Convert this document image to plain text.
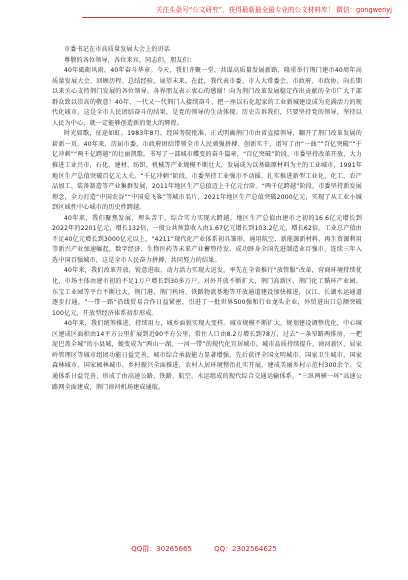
关注头条号“公文研究”，获得最新最全最专业的公文材料库！ 微信：gongwenyj

市委书记在市高质量发展大会上的讲话

尊敬的各位领导，各位来宾，同志们，朋友们：

40年砥砺风雨，40年奋斗华章。今天，我们齐聚一堂，共谋高质量发展新路，隆重举行荆门建市40周年高质量发展大会，回顾历程、总结经验、展望未来。在此，我代表市委、市人大常委会、市政府、市政协，向长期以来关心支持荆门发展的各位领导、各界朋友表示衷心的感谢！向为荆门改革发展稳定作出贡献的全市广大干部群众致以崇高的敬意！40年，一代又一代荆门人接续奋斗，把一座以石化起家的工业新城建设成为充满活力的现代化城市。这是全市人民团结奋斗的结果，是党的领导的生动体现。历史告诉我们，只要坚持党的领导，坚持以人民为中心，就一定能够创造新的更大的辉煌。

时光如歌，征途如虹。1983年8月，经国务院批准，正式明确荆门市由省直接领导，翻开了荆门改革发展的崭新一页。40年来，历届市委、市政府团结带领全市人民顽强拼搏、创新实干，谱写了由“一曲”“百亿突破”“千亿冲刺”“两千亿跨越”的壮丽凯歌。书写了一部城市蝶变的奋斗篇章。“百亿突破”阶段，市委坚持改革开放，大力推进工业兴市，石化、建材、纺织、机械等产业规模不断壮大，发展成为以基础原材料为主的工业城市，1991年地区生产总值突破百亿元大关。“千亿冲刺”阶段，市委坚持工业强市不动摇，扎实推进新型工业化，化工、农产品加工、装备制造等产业集群发展，2011年地区生产总值迈上千亿元台阶。“两千亿跨越”阶段，市委坚持新发展理念，全力打造“中国农谷”“中国爱飞客”等城市名片，2021年地区生产总值突破2000亿元，实现了从工业小城到区域性中心城市的历史性跨越。

40年来，我们聚焦发展，埋头苦干，综合实力实现大跨越。地区生产总值由建市之初的16.6亿元增长到2022年的2201亿元，增长132倍，一般公共预算收入由1.67亿元增长到103.2亿元，增长62倍。工业总产值由不足40亿元增长到3000亿元以上，“4211”现代化产业体系初具雏形，通用航空、新能源新材料、再生资源利用等新兴产业加速崛起，数字经济、生物医药等未来产业蓄势待发，成功跻身全国先进制造业百强市，连续三年入选中国百强城市，这是全市人民奋力拼搏、共同努力的结果。

40年来，我们改革开放，锐意进取，动力活力实现大迸发。率先在全省推行“放管服”改革，营商环境持续优化，市场主体由建市初的不足1万户增长到30多万户。对外开放不断扩大，荆门高新区、荆门化工循环产业园、东宝工业园等平台不断壮大，荆门港、荆门机场、铁路物流基地等开放通道建设加快推进，汉江、长湖水运通道逐步打通，“一带一路”沿线贸易合作日益紧密，引进了一批世界500强和行业龙头企业，外贸进出口总额突破100亿元，开放型经济体系初步形成。

40年来，我们统筹推进，持续用力，城乡面貌实现大变样。城市规模不断扩大，规划建设调整优化，中心城区建成区面积由14平方公里扩展到近90平方公里，常住人口由8.2万增长到78万，过去“一条窄路两排房，一把泥巴盖全城”的小县城，蜕变成为“两山一湖、一河一带”的现代化宜居城市。城市品质持续提升，漳河新区、屈家岭管理区等城市组团功能日益完善，城市综合承载能力显著增强，先后获评全国文明城市、国家卫生城市、国家森林城市、国家园林城市。乡村振兴全面推进，农村人居环境整治扎实开展，建成美丽乡村示范村300余个。交通体系日益完善，形成了由高速公路、铁路、航空、水运组成的现代综合交通运输体系，“三纵两横一环”高速公路网全面建成，荆门漳河机场建成通航。

QQ群：30265665	QQ：2302564625
